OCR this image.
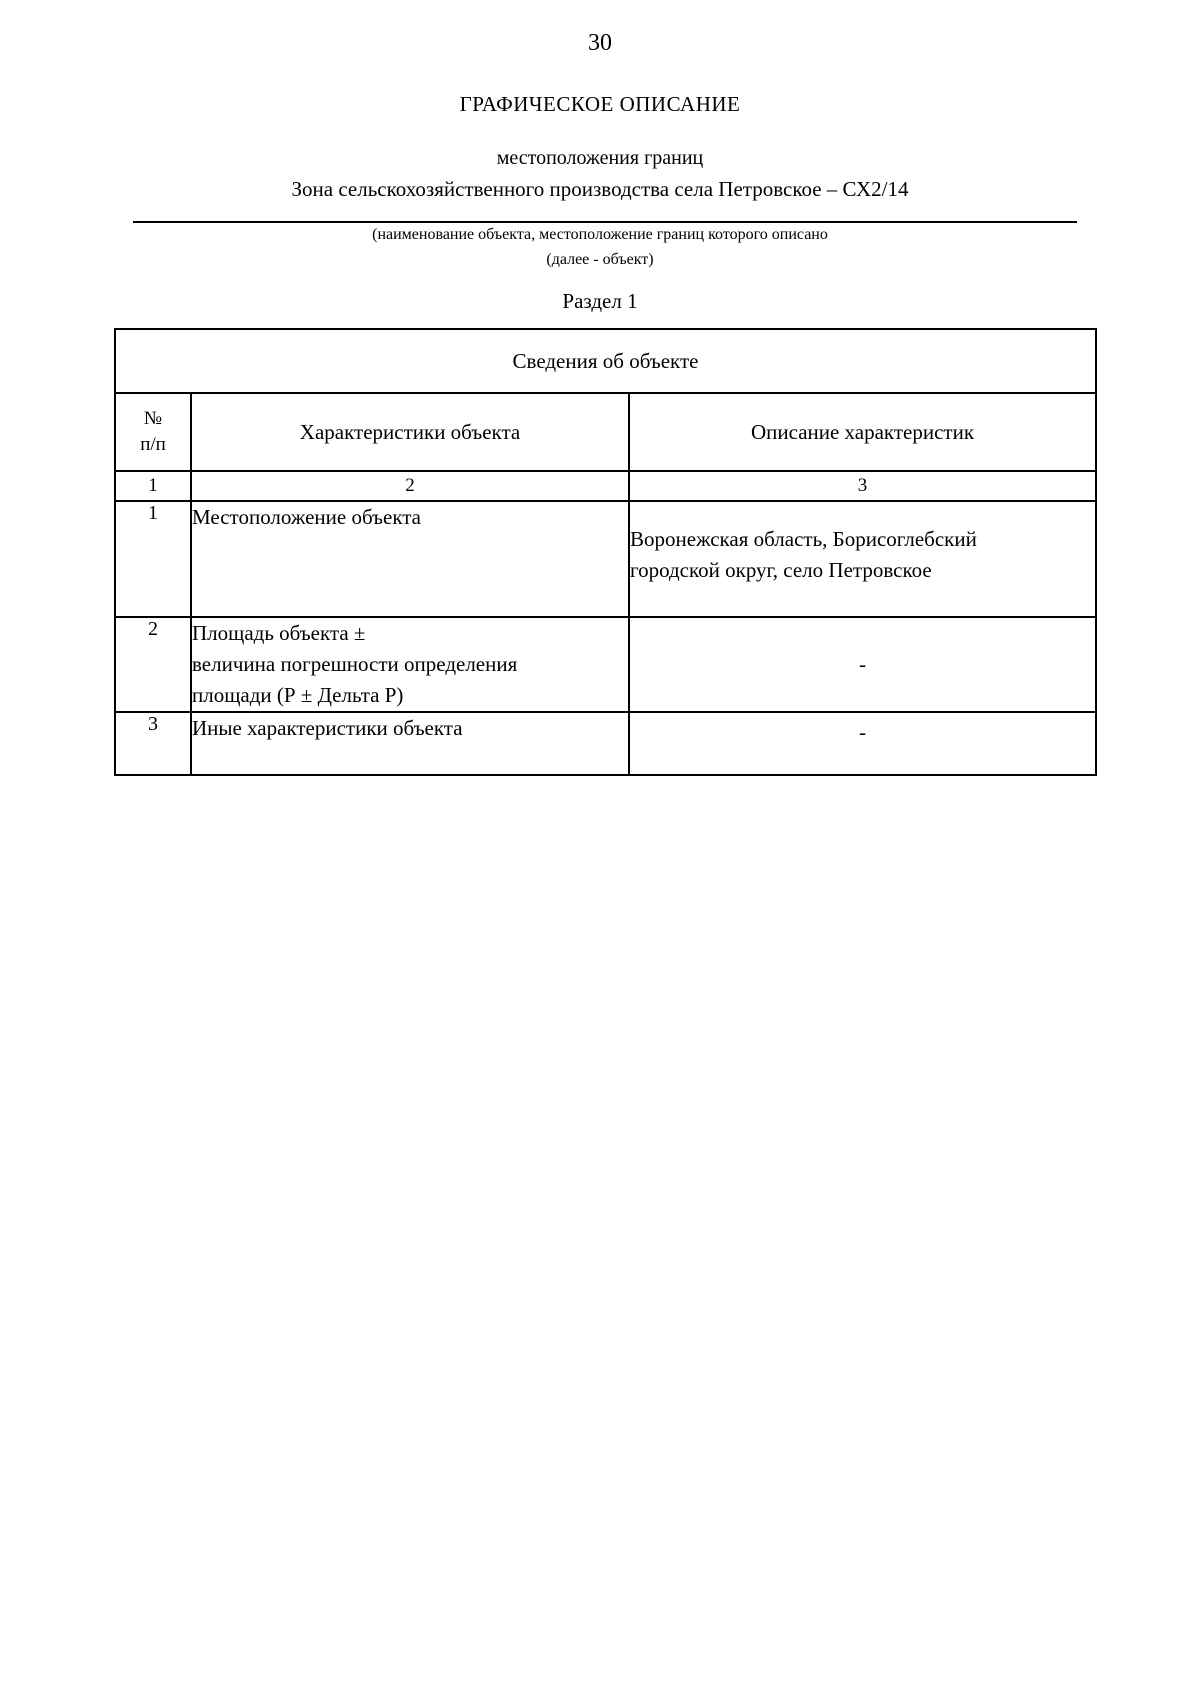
30
ГРАФИЧЕСКОЕ ОПИСАНИЕ
местоположения границ
Зона сельскохозяйственного производства села Петровское – СХ2/14
(наименование объекта, местоположение границ которого описано
(далее - объект)
Раздел 1
Сведения об объекте		

№
п/п	Характеристики объекта	Описание характеристик
1	2	3
1	Местоположение объекта	Воронежская область, Борисоглебский
городской округ, село Петровское

2	Площадь объекта ±
величина погрешности определения
площади (Р ± Дельта Р)	-

3	Иные характеристики объекта	-
